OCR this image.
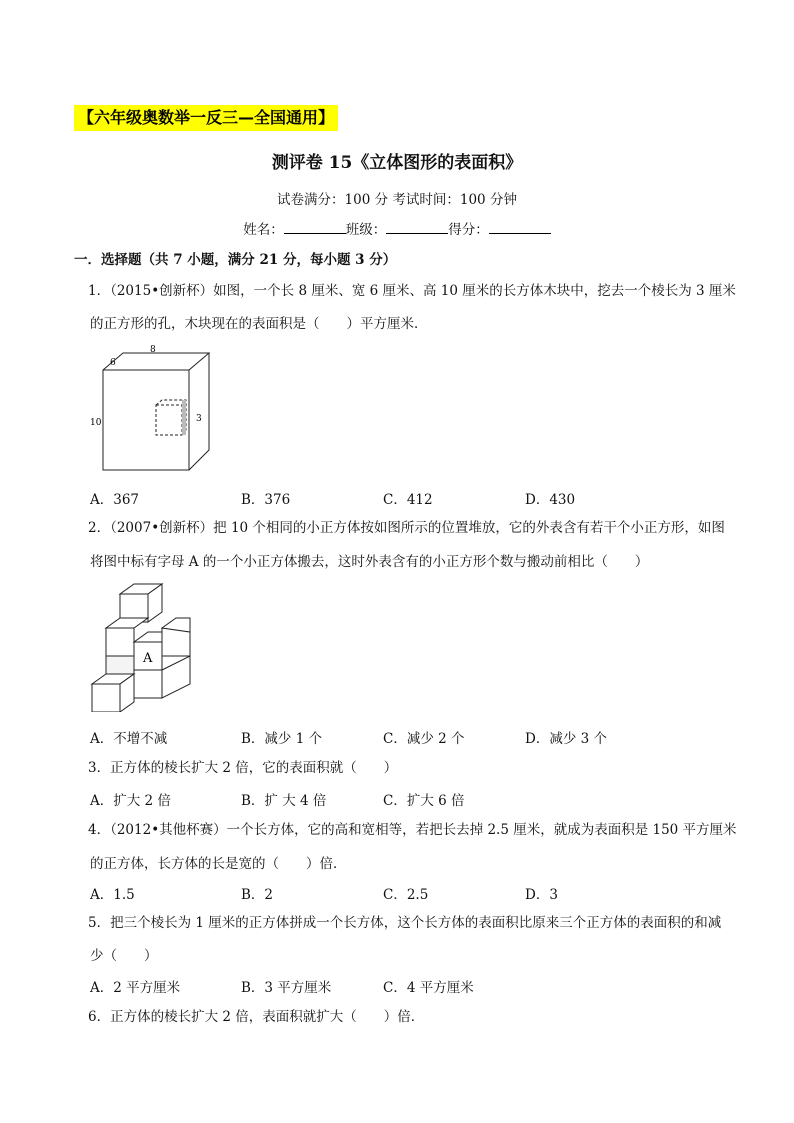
【六年级奥数举一反三—全国通用】
测评卷 15《立体图形的表面积》
试卷满分：100 分 考试时间：100 分钟
姓名：	班级：	得分：
一．选择题（共 7 小题，满分 21 分，每小题 3 分）
1．（2015•创新杯）如图，一个长 8 厘米、宽 6 厘米、高 10 厘米的长方体木块中，挖去一个棱长为 3 厘米
的正方形的孔，木块现在的表面积是（　　）平方厘米．
8
6
10	3
A．367	B．376	C．412	D．430
2．（2007•创新杯）把 10 个相同的小正方体按如图所示的位置堆放，它的外表含有若干个小正方形，如图
将图中标有字母 A 的一个小正方体搬去，这时外表含有的小正方形个数与搬动前相比（　　）
A
A．不增不减	B．减少 1 个	C．减少 2 个	D．减少 3 个
3．正方体的棱长扩大 2 倍，它的表面积就（　　）
A．扩大 2 倍	B．扩 大 4 倍	C．扩大 6 倍
4．（2012•其他杯赛）一个长方体，它的高和宽相等，若把长去掉 2.5 厘米，就成为表面积是 150 平方厘米
的正方体，长方体的长是宽的（　　）倍．
A．1.5	B．2	C．2.5	D．3
5．把三个棱长为 1 厘米的正方体拼成一个长方体，这个长方体的表面积比原来三个正方体的表面积的和减
少（　　）
A．2 平方厘米	B．3 平方厘米	C．4 平方厘米
6．正方体的棱长扩大 2 倍，表面积就扩大（　　）倍．
